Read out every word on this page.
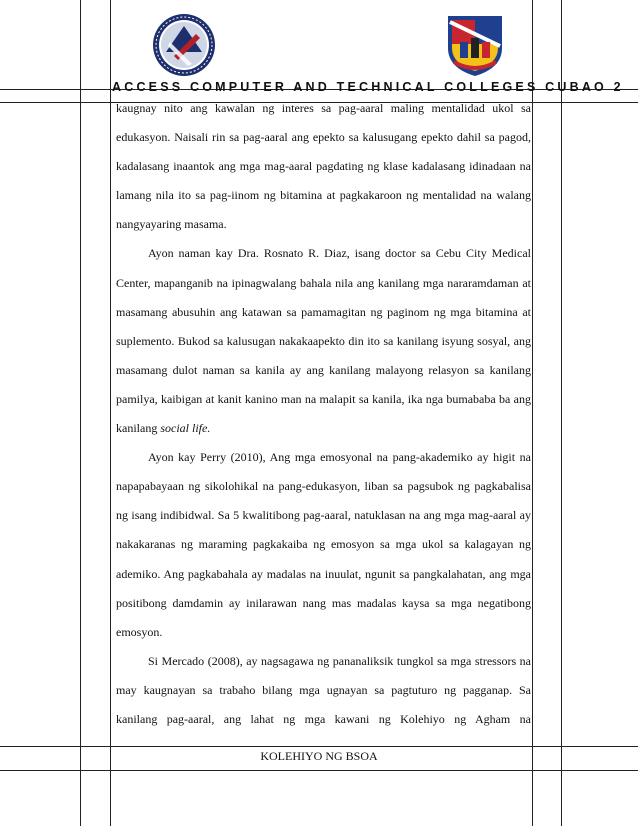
ACCESS COMPUTER AND TECHNICAL COLLEGES CUBAO 2

kaugnay nito ang kawalan ng interes sa pag-aaral maling mentalidad ukol sa edukasyon. Naisali rin sa pag-aaral ang epekto sa kalusugang epekto dahil sa pagod, kadalasang inaantok ang mga mag-aaral pagdating ng klase kadalasang idinadaan na lamang nila ito sa pag-iinom ng bitamina at pagkakaroon ng mentalidad na walang nangyayaring masama.

Ayon naman kay Dra. Rosnato R. Diaz, isang doctor sa Cebu City Medical Center, mapanganib na ipinagwalang bahala nila ang kanilang mga nararamdaman at masamang abusuhin ang katawan sa pamamagitan ng paginom ng mga bitamina at suplemento. Bukod sa kalusugan nakakaapekto din ito sa kanilang isyung sosyal, ang masamang dulot naman sa kanila ay ang kanilang malayong relasyon sa kanilang pamilya, kaibigan at kanit kanino man na malapit sa kanila, ika nga bumababa ba ang kanilang social life.

Ayon kay Perry (2010), Ang mga emosyonal na pang-akademiko ay higit na napapabayaan ng sikolohikal na pang-edukasyon, liban sa pagsubok ng pagkabalisa ng isang indibidwal. Sa 5 kwalitibong pag-aaral, natuklasan na ang mga mag-aaral ay nakakaranas ng maraming pagkakaiba ng emosyon sa mga ukol sa kalagayan ng ademiko. Ang pagkabahala ay madalas na inuulat, ngunit sa pangkalahatan, ang mga positibong damdamin ay inilarawan nang mas madalas kaysa sa mga negatibong emosyon.

Si Mercado (2008), ay nagsagawa ng pananaliksik tungkol sa mga stressors na may kaugnayan sa trabaho bilang mga ugnayan sa pagtuturo ng pagganap. Sa kanilang pag-aaral, ang lahat ng mga kawani ng Kolehiyo ng Agham na

KOLEHIYO NG BSOA
